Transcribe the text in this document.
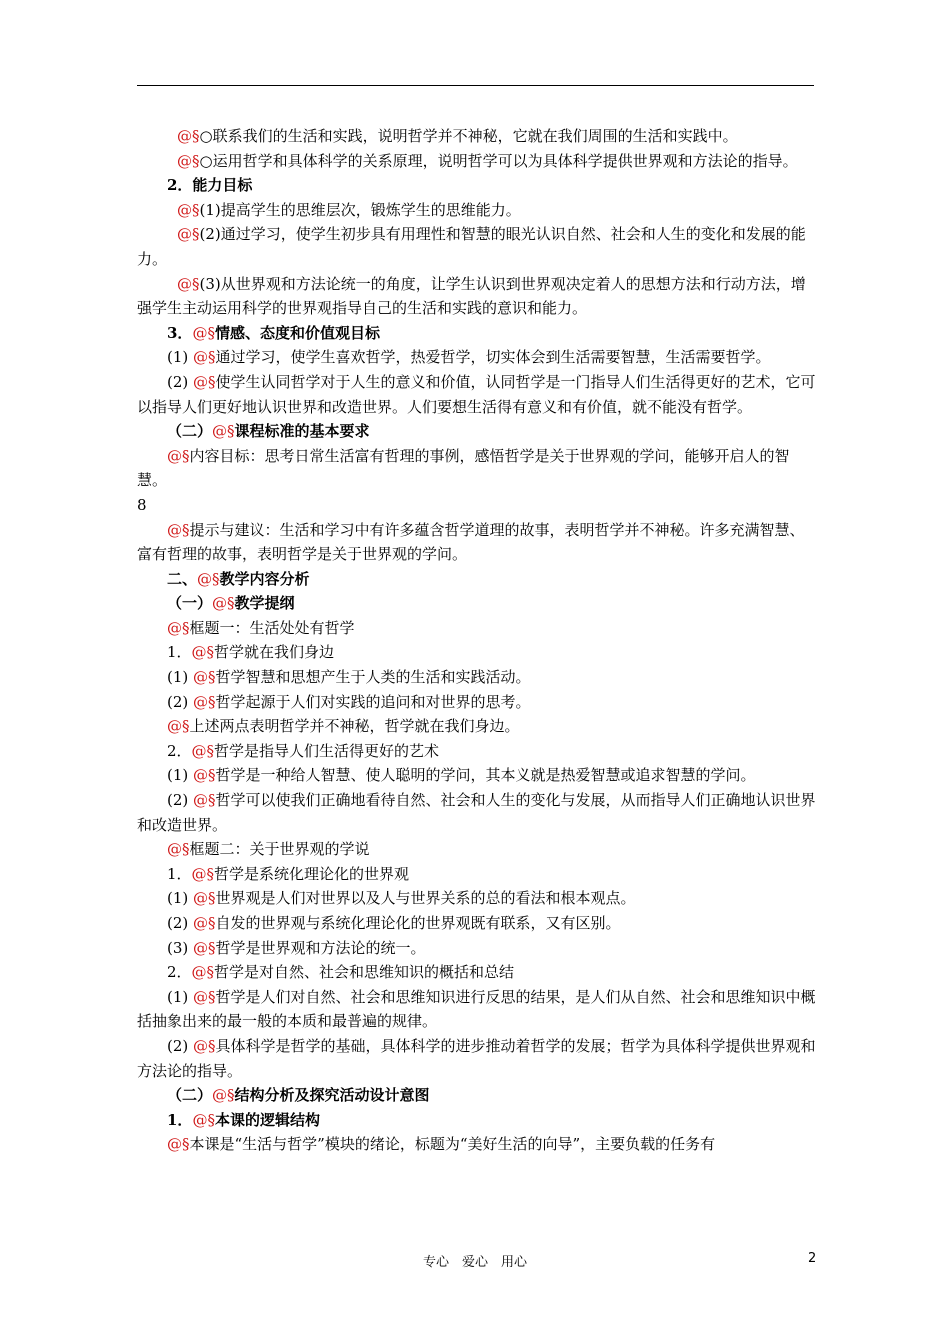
@§○联系我们的生活和实践，说明哲学并不神秘，它就在我们周围的生活和实践中。

@§○运用哲学和具体科学的关系原理，说明哲学可以为具体科学提供世界观和方法论的指导。

2．能力目标

@§(1)提高学生的思维层次，锻炼学生的思维能力。

@§(2)通过学习，使学生初步具有用理性和智慧的眼光认识自然、社会和人生的变化和发展的能力。

@§(3)从世界观和方法论统一的角度，让学生认识到世界观决定着人的思想方法和行动方法，增强学生主动运用科学的世界观指导自己的生活和实践的意识和能力。

3．@§情感、态度和价值观目标

(1) @§通过学习，使学生喜欢哲学，热爱哲学，切实体会到生活需要智慧，生活需要哲学。

(2) @§使学生认同哲学对于人生的意义和价值，认同哲学是一门指导人们生活得更好的艺术，它可以指导人们更好地认识世界和改造世界。人们要想生活得有意义和有价值，就不能没有哲学。

（二）@§课程标准的基本要求

@§内容目标：思考日常生活富有哲理的事例，感悟哲学是关于世界观的学问，能够开启人的智慧。

8

@§提示与建议：生活和学习中有许多蕴含哲学道理的故事，表明哲学并不神秘。许多充满智慧、富有哲理的故事，表明哲学是关于世界观的学问。

二、@§教学内容分析

（一）@§教学提纲

@§框题一：生活处处有哲学

1．@§哲学就在我们身边

(1) @§哲学智慧和思想产生于人类的生活和实践活动。

(2) @§哲学起源于人们对实践的追问和对世界的思考。

@§上述两点表明哲学并不神秘，哲学就在我们身边。

2．@§哲学是指导人们生活得更好的艺术

(1) @§哲学是一种给人智慧、使人聪明的学问，其本义就是热爱智慧或追求智慧的学问。

(2) @§哲学可以使我们正确地看待自然、社会和人生的变化与发展，从而指导人们正确地认识世界和改造世界。

@§框题二：关于世界观的学说

1．@§哲学是系统化理论化的世界观

(1) @§世界观是人们对世界以及人与世界关系的总的看法和根本观点。

(2) @§自发的世界观与系统化理论化的世界观既有联系，又有区别。

(3) @§哲学是世界观和方法论的统一。

2．@§哲学是对自然、社会和思维知识的概括和总结

(1) @§哲学是人们对自然、社会和思维知识进行反思的结果，是人们从自然、社会和思维知识中概括抽象出来的最一般的本质和最普遍的规律。

(2) @§具体科学是哲学的基础，具体科学的进步推动着哲学的发展；哲学为具体科学提供世界观和方法论的指导。

（二）@§结构分析及探究活动设计意图

1．@§本课的逻辑结构

@§本课是“生活与哲学”模块的绪论，标题为“美好生活的向导”，主要负载的任务有

专心　爱心　用心	2
